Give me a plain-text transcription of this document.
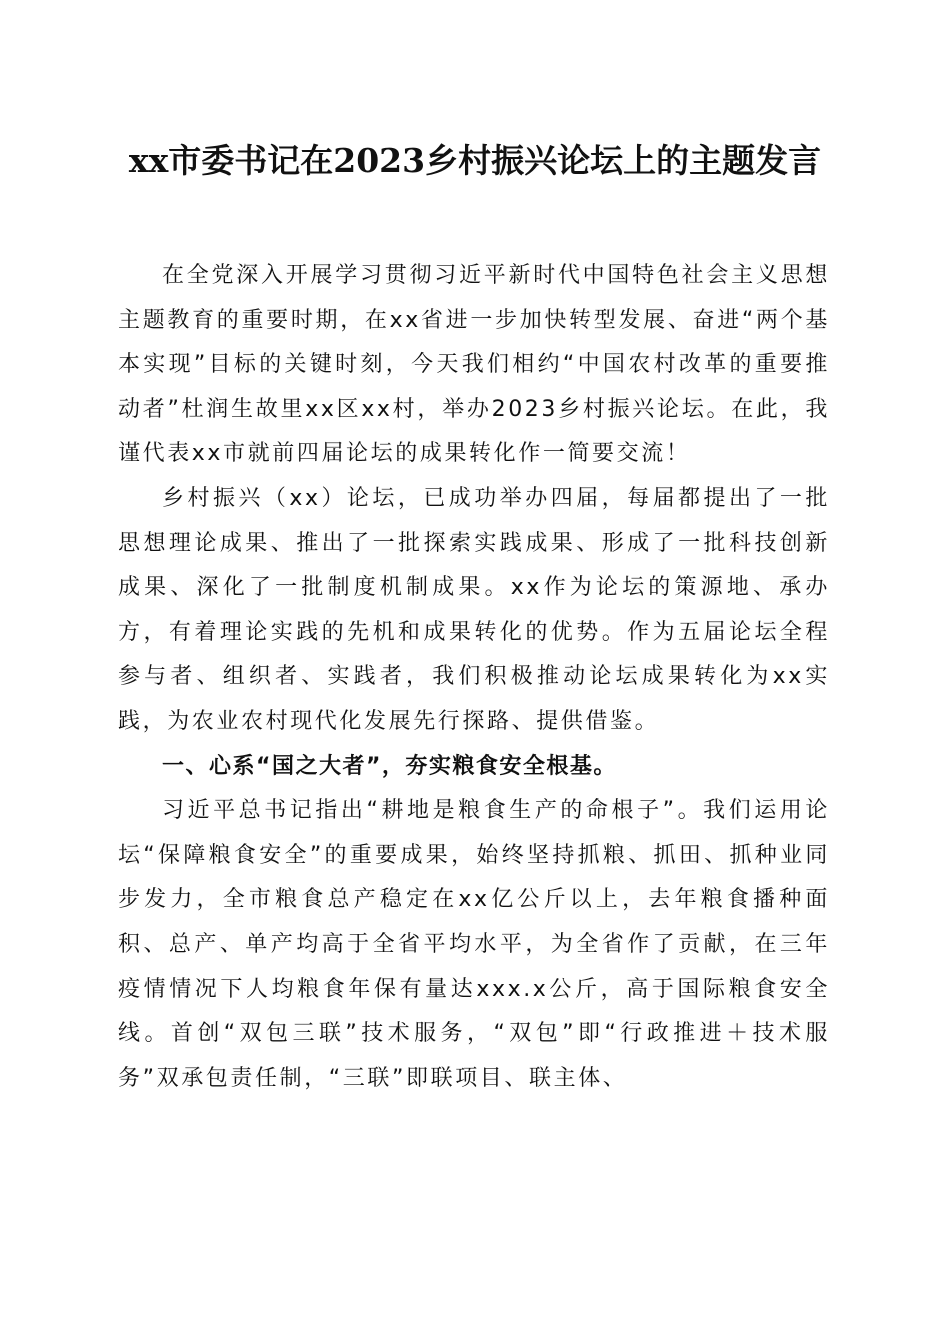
xx市委书记在2023乡村振兴论坛上的主题发言

在全党深入开展学习贯彻习近平新时代中国特色社会主义思想主题教育的重要时期，在xx省进一步加快转型发展、奋进“两个基本实现”目标的关键时刻，今天我们相约“中国农村改革的重要推动者”杜润生故里xx区xx村，举办2023乡村振兴论坛。在此，我谨代表xx市就前四届论坛的成果转化作一简要交流！

乡村振兴（xx）论坛，已成功举办四届，每届都提出了一批思想理论成果、推出了一批探索实践成果、形成了一批科技创新成果、深化了一批制度机制成果。xx作为论坛的策源地、承办方，有着理论实践的先机和成果转化的优势。作为五届论坛全程参与者、组织者、实践者，我们积极推动论坛成果转化为xx实践，为农业农村现代化发展先行探路、提供借鉴。

一、心系“国之大者”，夯实粮食安全根基。

习近平总书记指出“耕地是粮食生产的命根子”。我们运用论坛“保障粮食安全”的重要成果，始终坚持抓粮、抓田、抓种业同步发力，全市粮食总产稳定在xx亿公斤以上，去年粮食播种面积、总产、单产均高于全省平均水平，为全省作了贡献，在三年疫情情况下人均粮食年保有量达xxx.x公斤，高于国际粮食安全线。首创“双包三联”技术服务，“双包”即“行政推进＋技术服务”双承包责任制，“三联”即联项目、联主体、
